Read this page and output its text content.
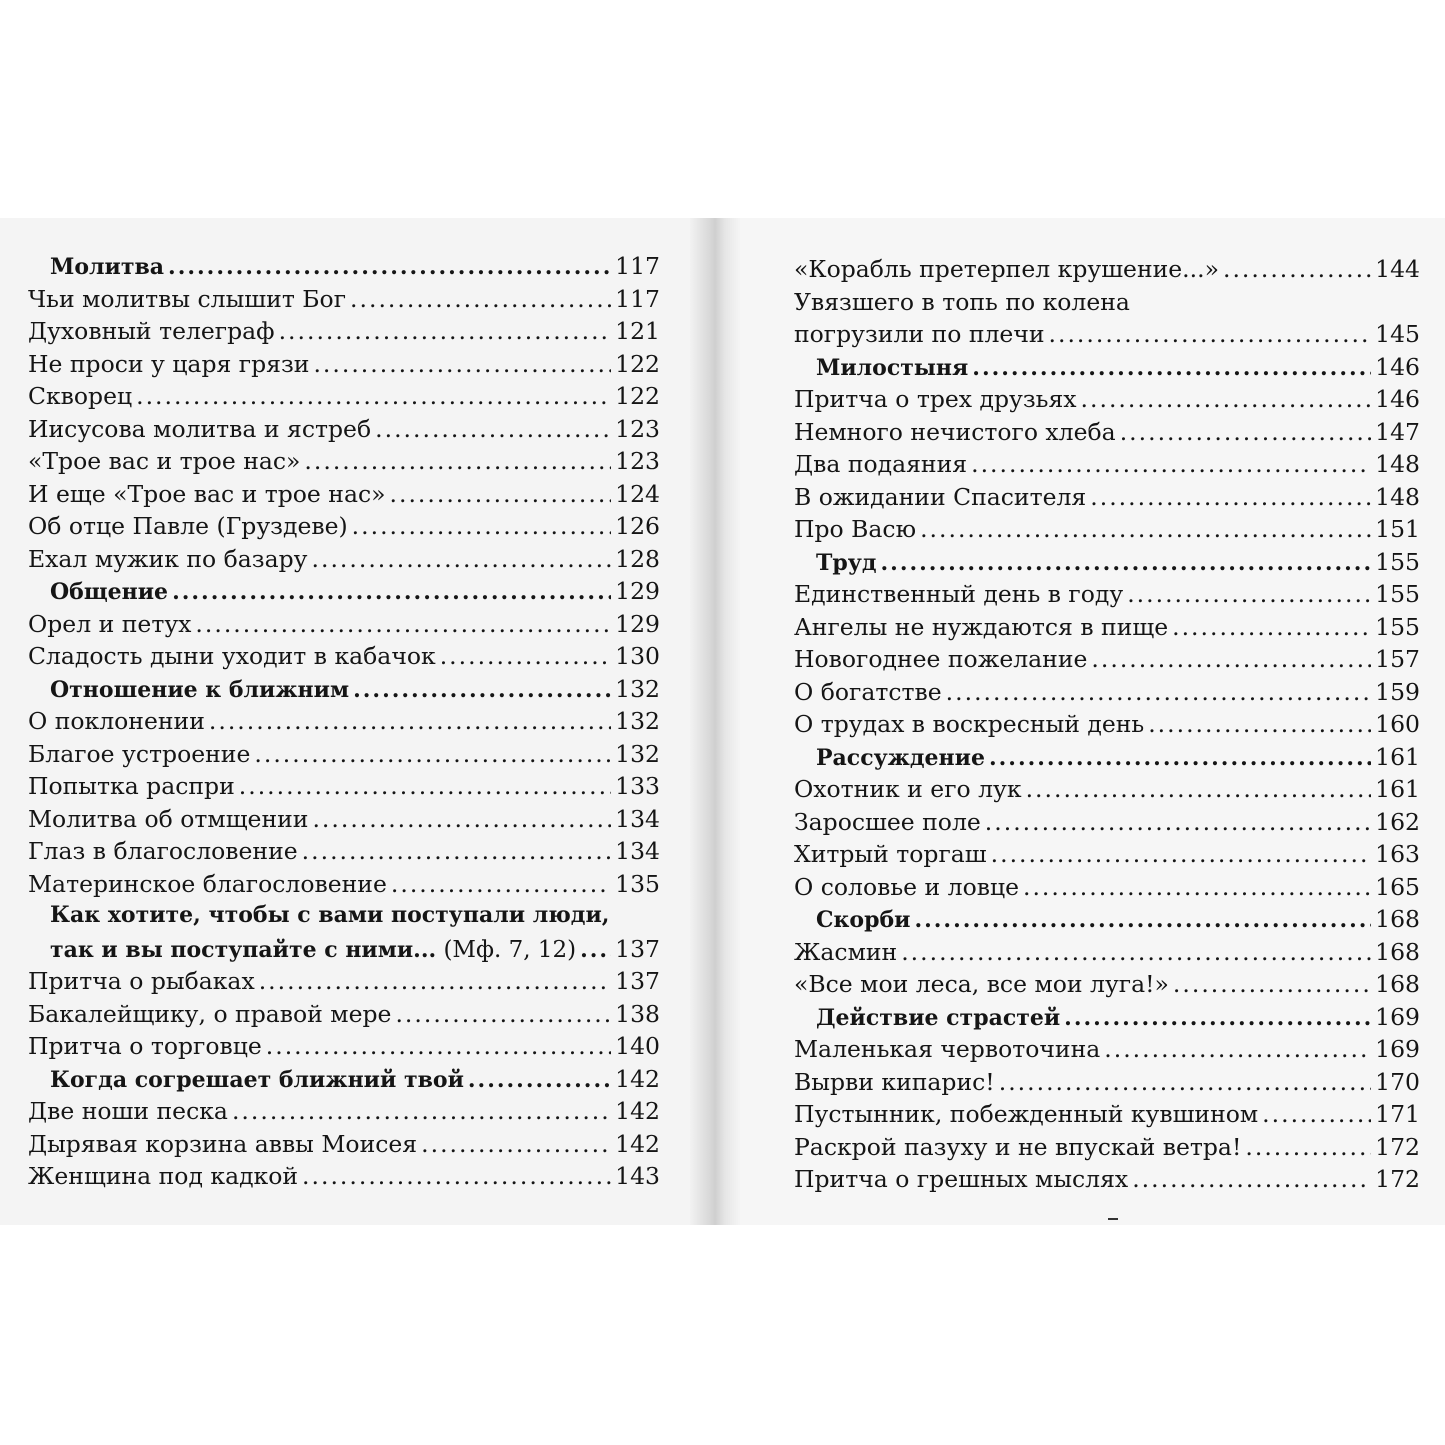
Молитва .....	117
Чьи молитвы слышит Бог .....	117
Духовный телеграф .....	121
Не проси у царя грязи .....	122
Скворец .....	122
Иисусова молитва и ястреб .....	123
«Трое вас и трое нас» .....	123
И еще «Трое вас и трое нас» .....	124
Об отце Павле (Груздеве) .....	126
Ехал мужик по базару .....	128
Общение .....	129
Орел и петух .....	129
Сладость дыни уходит в кабачок .....	130
Отношение к ближним .....	132
О поклонении .....	132
Благое устроение .....	132
Попытка распри .....	133
Молитва об отмщении .....	134
Глаз в благословение .....	134
Материнское благословение .....	135
Как хотите, чтобы с вами поступали люди,
так и вы поступайте с ними... (Мф. 7, 12) ..... 137
Притча о рыбаках .....	137
Бакалейщику, о правой мере .....	138
Притча о торговце .....	140
Когда согрешает ближний твой .....	142
Две ноши песка .....	142
Дырявая корзина аввы Моисея .....	142
Женщина под кадкой .....	143
«Корабль претерпел крушение...» .....	144
Увязшего в топь по колена
погрузили по плечи .....	145
Милостыня .....	146
Притча о трех друзьях .....	146
Немного нечистого хлеба .....	147
Два подаяния .....	148
В ожидании Спасителя .....	148
Про Васю .....	151
Труд .....	155
Единственный день в году .....	155
Ангелы не нуждаются в пище .....	155
Новогоднее пожелание .....	157
О богатстве .....	159
О трудах в воскресный день .....	160
Рассуждение .....	161
Охотник и его лук .....	161
Заросшее поле .....	162
Хитрый торгаш .....	163
О соловье и ловце .....	165
Скорби .....	168
Жасмин .....	168
«Все мои леса, все мои луга!» .....	168
Действие страстей .....	169
Маленькая червоточина .....	169
Вырви кипарис! .....	170
Пустынник, побежденный кувшином .....	171
Раскрой пазуху и не впускай ветра! .....	172
Притча о грешных мыслях .....	172
